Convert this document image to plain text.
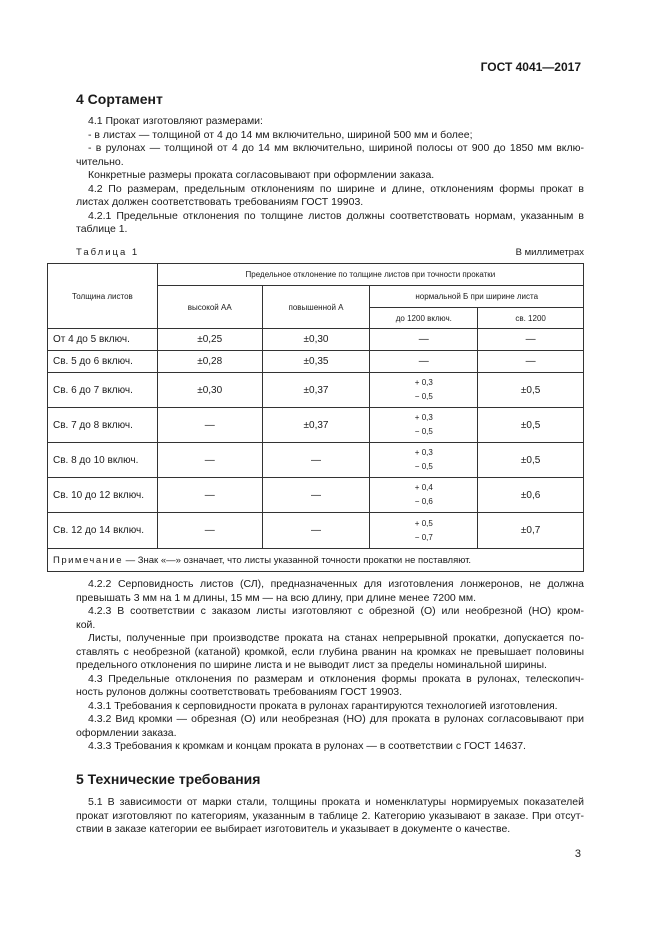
ГОСТ 4041—2017
4 Сортамент

4.1 Прокат изготовляют размерами:

- в листах — толщиной от 4 до 14 мм включительно, шириной 500 мм и более;

- в рулонах — толщиной от 4 до 14 мм включительно, шириной полосы от 900 до 1850 мм вклю-

чительно.

Конкретные размеры проката согласовывают при оформлении заказа.

4.2 По размерам, предельным отклонениям по ширине и длине, отклонениям формы прокат в

листах должен соответствовать требованиям ГОСТ 19903.

4.2.1 Предельные отклонения по толщине листов должны соответствовать нормам, указанным в

таблице 1.

Таблица 1	В миллиметрах
Толщина листов	Предельное отклонение по толщине листов при точности прокатки			
	высокой АА	повышенной А	нормальной Б при ширине листа	
			до 1200 включ.	св. 1200
От 4 до 5 включ.	±0,25	±0,30	—	—
Св. 5 до 6 включ.	±0,28	±0,35	—	—
Св. 6 до 7 включ.	±0,30	±0,37	+ 0,3
− 0,5	±0,5
Св. 7 до 8 включ.	—	±0,37	+ 0,3
− 0,5	±0,5
Св. 8 до 10 включ.	—	—	+ 0,3
− 0,5	±0,5
Св. 10 до 12 включ.	—	—	+ 0,4
− 0,6	±0,6
Св. 12 до 14 включ.	—	—	+ 0,5
− 0,7	±0,7
Примечание — Знак «—» означает, что листы указанной точности прокатки не поставляют.				

4.2.2 Серповидность листов (СЛ), предназначенных для изготовления лонжеронов, не должна

превышать 3 мм на 1 м длины, 15 мм — на всю длину, при длине менее 7200 мм.

4.2.3 В соответствии с заказом листы изготовляют с обрезной (О) или необрезной (НО) кром-

кой.

Листы, полученные при производстве проката на станах непрерывной прокатки, допускается по-

ставлять с необрезной (катаной) кромкой, если глубина рванин на кромках не превышает половины

предельного отклонения по ширине листа и не выводит лист за пределы номинальной ширины.

4.3 Предельные отклонения по размерам и отклонения формы проката в рулонах, телескопич-

ность рулонов должны соответствовать требованиям ГОСТ 19903.

4.3.1 Требования к серповидности проката в рулонах гарантируются технологией изготовления.

4.3.2 Вид кромки — обрезная (О) или необрезная (НО) для проката в рулонах согласовывают при

оформлении заказа.

4.3.3 Требования к кромкам и концам проката в рулонах — в соответствии с ГОСТ 14637.

5 Технические требования

5.1 В зависимости от марки стали, толщины проката и номенклатуры нормируемых показателей

прокат изготовляют по категориям, указанным в таблице 2. Категорию указывают в заказе. При отсут-

ствии в заказе категории ее выбирает изготовитель и указывает в документе о качестве.

3
